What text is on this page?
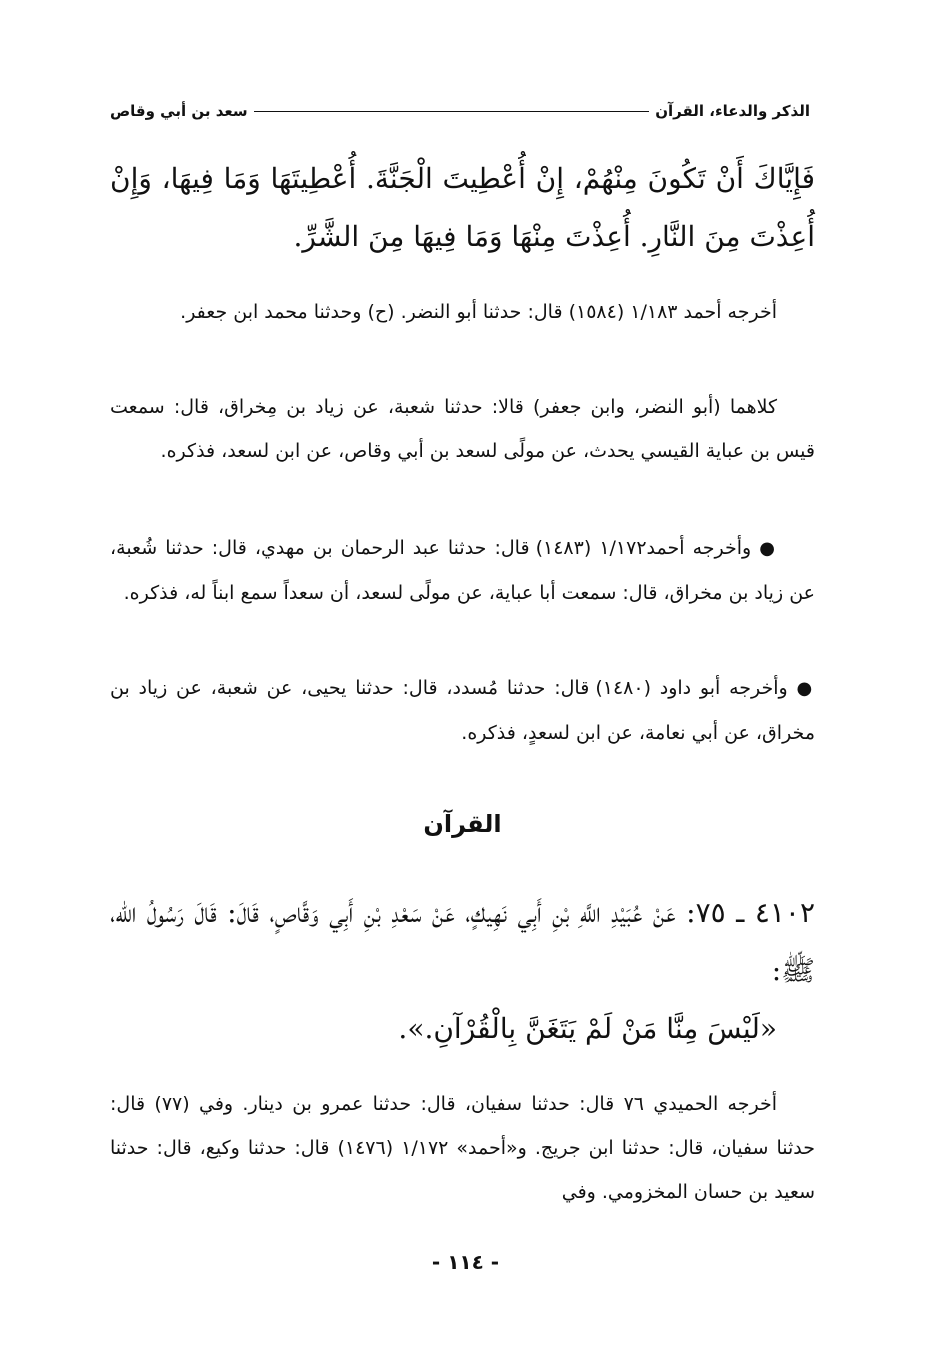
الذكر والدعاء، القرآن
سعد بن أبي وقاص
فَإِيَّاكَ أَنْ تَكُونَ مِنْهُمْ، إِنْ أُعْطِيتَ الْجَنَّةَ. أُعْطِيتَهَا وَمَا فِيهَا، وَإِنْ أُعِذْتَ مِنَ النَّارِ. أُعِذْتَ مِنْهَا وَمَا فِيهَا مِنَ الشَّرِّ.
أخرجه أحمد ١/١٨٣ (١٥٨٤) قال: حدثنا أبو النضر. (ح) وحدثنا محمد ابن جعفر.
كلاهما (أبو النضر، وابن جعفر) قالا: حدثنا شعبة، عن زياد بن مِخراق، قال: سمعت قيس بن عباية القيسي يحدث، عن مولًى لسعد بن أبي وقاص، عن ابن لسعد، فذكره.
● وأخرجه أحمد١/١٧٢ (١٤٨٣) قال: حدثنا عبد الرحمان بن مهدي، قال: حدثنا شُعبة، عن زياد بن مخراق، قال: سمعت أبا عباية، عن مولًى لسعد، أن سعداً سمع ابناً له، فذكره.
● وأخرجه أبو داود (١٤٨٠) قال: حدثنا مُسدد، قال: حدثنا يحيى، عن شعبة، عن زياد بن مخراق، عن أبي نعامة، عن ابن لسعدٍ، فذكره.
القرآن
٤١٠٢ ـ ٧٥: عَنْ عُبَيْدِ اللَّهِ بْنِ أَبِي نَهِيكٍ، عَنْ سَعْدِ بْنِ أَبِي وَقَّاصٍ، قَالَ: قَالَ رَسُولُ الله، ﷺ:
«لَيْسَ مِنَّا مَنْ لَمْ يَتَغَنَّ بِالْقُرْآنِ.».
أخرجه الحميدي ٧٦ قال: حدثنا سفيان، قال: حدثنا عمرو بن دينار. وفي (٧٧) قال: حدثنا سفيان، قال: حدثنا ابن جريج. و«أحمد» ١/١٧٢ (١٤٧٦) قال: حدثنا وكيع، قال: حدثنا سعيد بن حسان المخزومي. وفي
- ١١٤ -
